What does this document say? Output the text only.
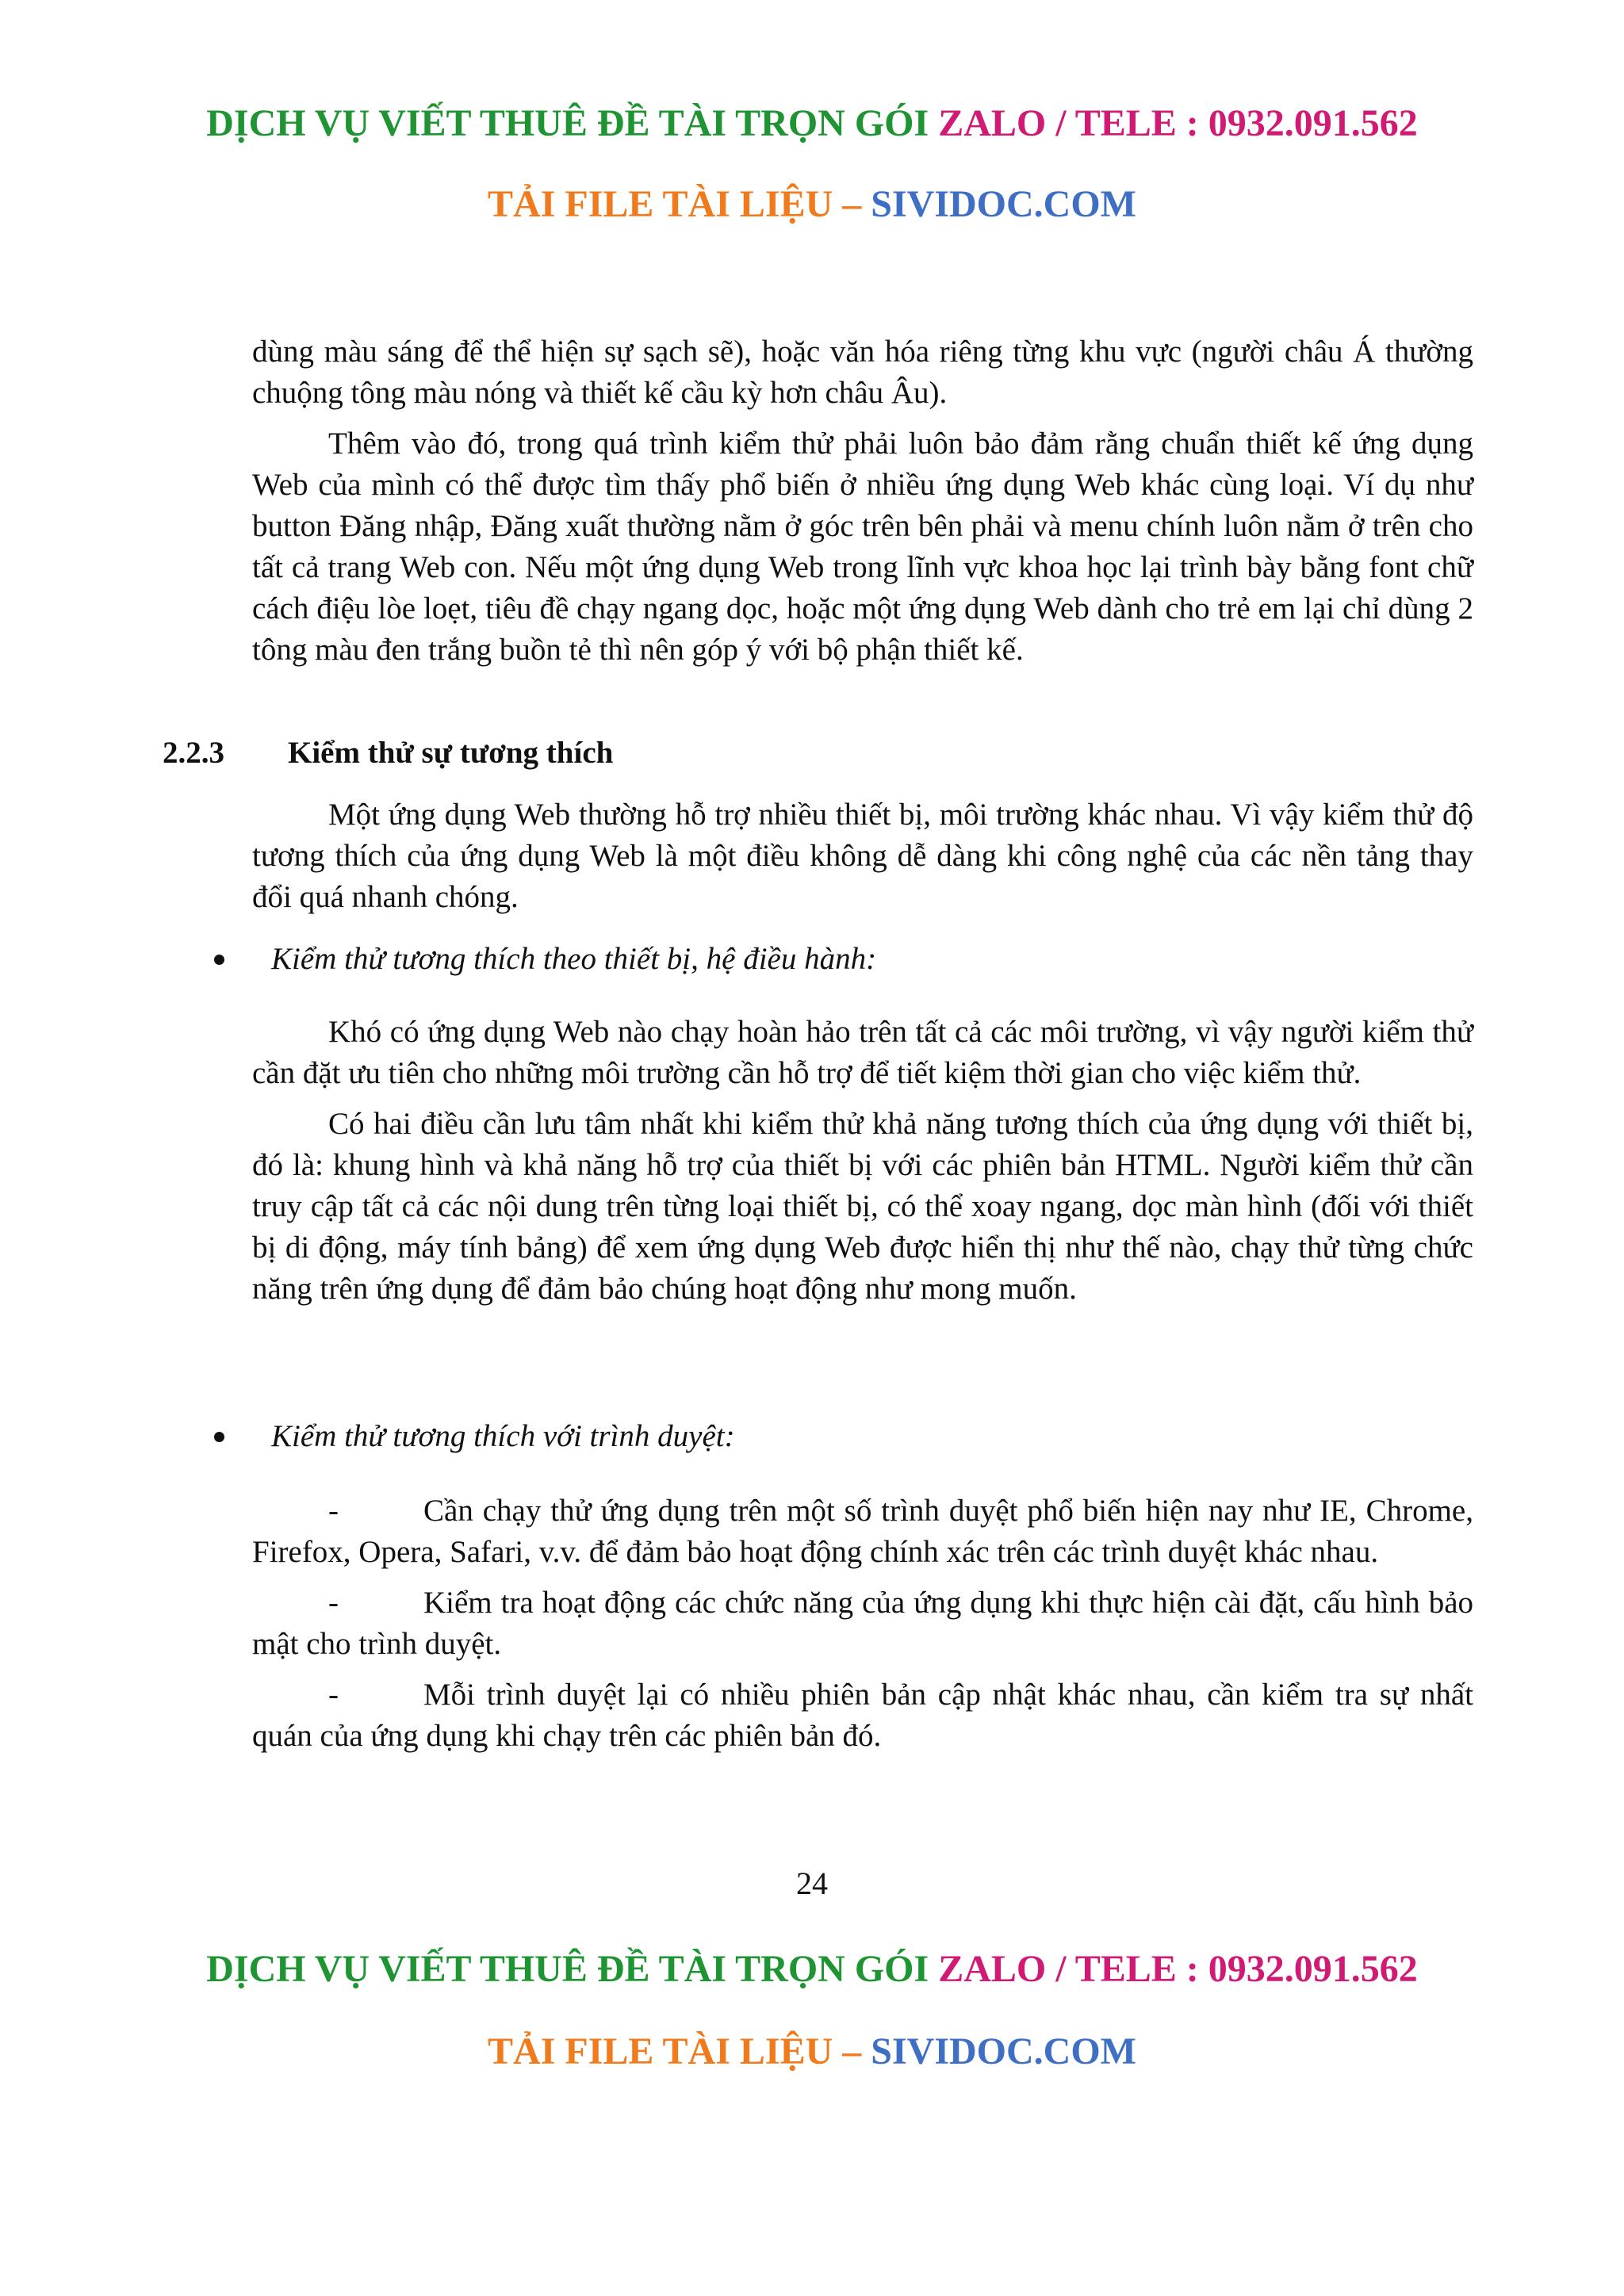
DỊCH VỤ VIẾT THUÊ ĐỀ TÀI TRỌN GÓI ZALO / TELE : 0932.091.562
TẢI FILE TÀI LIỆU – SIVIDOC.COM

dùng màu sáng để thể hiện sự sạch sẽ), hoặc văn hóa riêng từng khu vực (người châu Á thường chuộng tông màu nóng và thiết kế cầu kỳ hơn châu Âu).

Thêm vào đó, trong quá trình kiểm thử phải luôn bảo đảm rằng chuẩn thiết kế ứng dụng Web của mình có thể được tìm thấy phổ biến ở nhiều ứng dụng Web khác cùng loại. Ví dụ như button Đăng nhập, Đăng xuất thường nằm ở góc trên bên phải và menu chính luôn nằm ở trên cho tất cả trang Web con. Nếu một ứng dụng Web trong lĩnh vực khoa học lại trình bày bằng font chữ cách điệu lòe loẹt, tiêu đề chạy ngang dọc, hoặc một ứng dụng Web dành cho trẻ em lại chỉ dùng 2 tông màu đen trắng buồn tẻ thì nên góp ý với bộ phận thiết kế.

2.2.3 Kiểm thử sự tương thích

Một ứng dụng Web thường hỗ trợ nhiều thiết bị, môi trường khác nhau. Vì vậy kiểm thử độ tương thích của ứng dụng Web là một điều không dễ dàng khi công nghệ của các nền tảng thay đổi quá nhanh chóng.

Kiểm thử tương thích theo thiết bị, hệ điều hành:

Khó có ứng dụng Web nào chạy hoàn hảo trên tất cả các môi trường, vì vậy người kiểm thử cần đặt ưu tiên cho những môi trường cần hỗ trợ để tiết kiệm thời gian cho việc kiểm thử.

Có hai điều cần lưu tâm nhất khi kiểm thử khả năng tương thích của ứng dụng với thiết bị, đó là: khung hình và khả năng hỗ trợ của thiết bị với các phiên bản HTML. Người kiểm thử cần truy cập tất cả các nội dung trên từng loại thiết bị, có thể xoay ngang, dọc màn hình (đối với thiết bị di động, máy tính bảng) để xem ứng dụng Web được hiển thị như thế nào, chạy thử từng chức năng trên ứng dụng để đảm bảo chúng hoạt động như mong muốn.

Kiểm thử tương thích với trình duyệt:
-	Cần chạy thử ứng dụng trên một số trình duyệt phổ biến hiện nay như IE, Chrome, Firefox, Opera, Safari, v.v. để đảm bảo hoạt động chính xác trên các trình duyệt khác nhau.

-	Kiểm tra hoạt động các chức năng của ứng dụng khi thực hiện cài đặt, cấu hình bảo mật cho trình duyệt.

-	Mỗi trình duyệt lại có nhiều phiên bản cập nhật khác nhau, cần kiểm tra sự nhất quán của ứng dụng khi chạy trên các phiên bản đó.

24
DỊCH VỤ VIẾT THUÊ ĐỀ TÀI TRỌN GÓI ZALO / TELE : 0932.091.562
TẢI FILE TÀI LIỆU – SIVIDOC.COM
